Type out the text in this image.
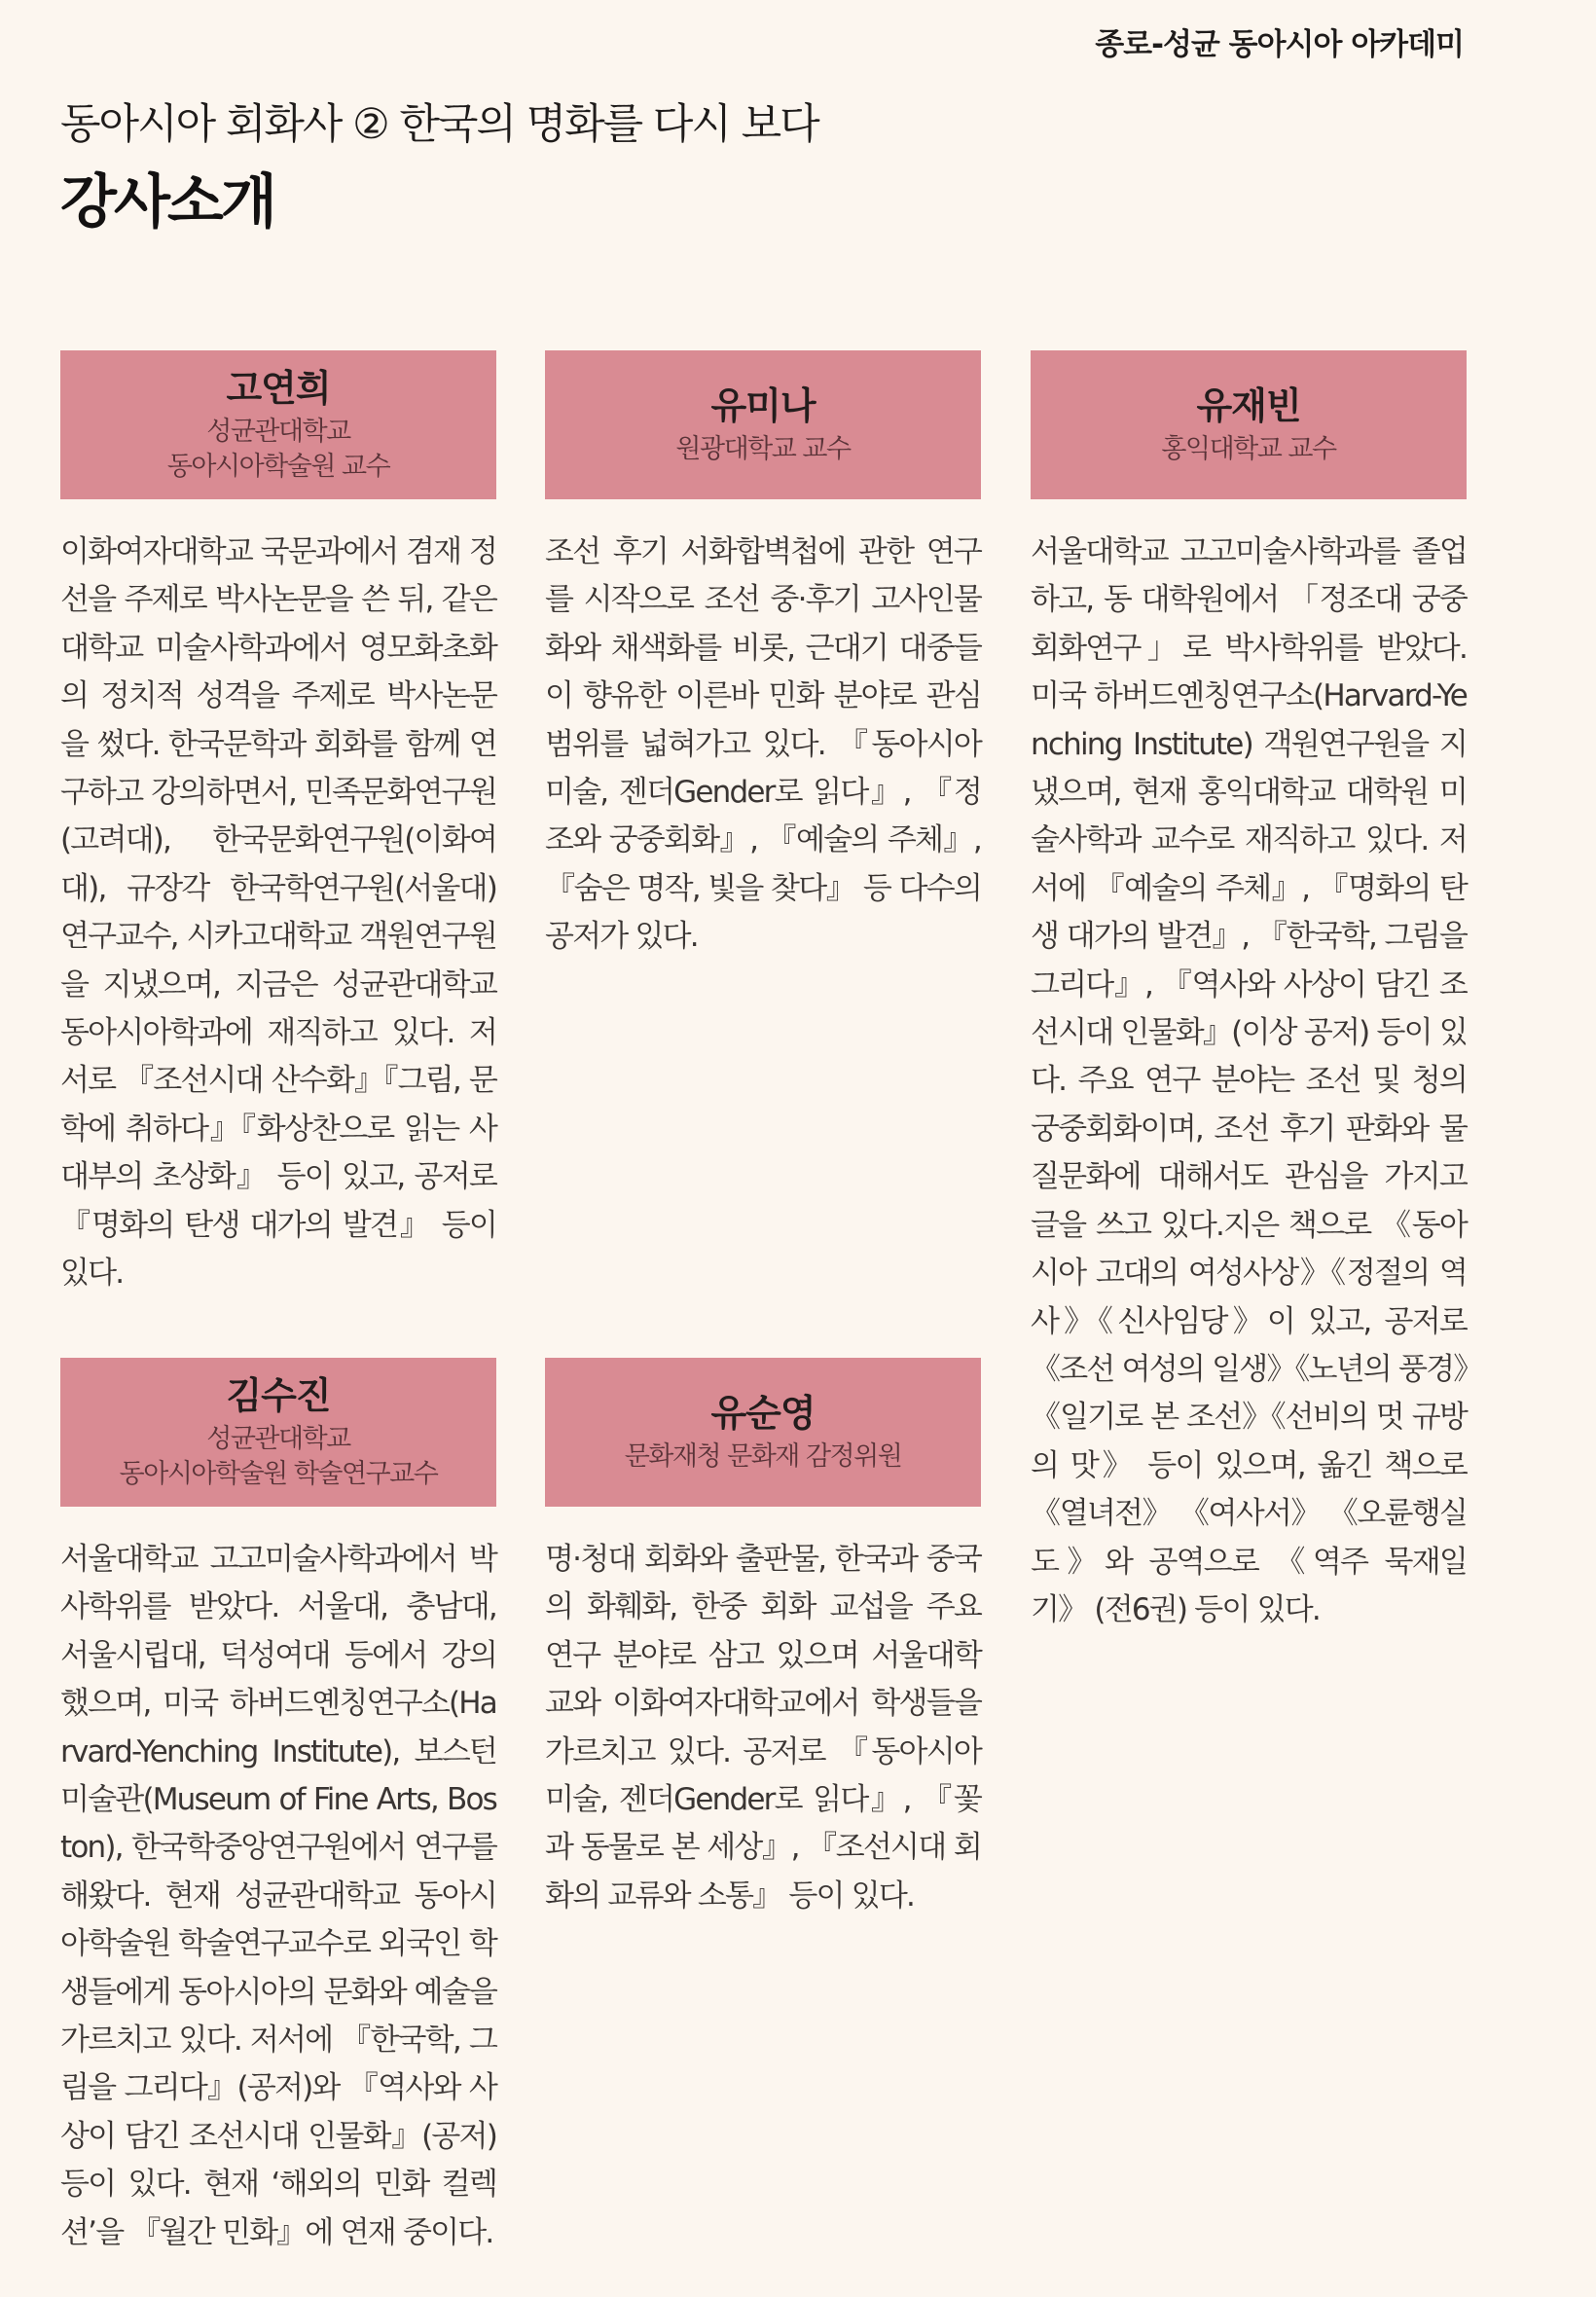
종로-성균 동아시아 아카데미
동아시아 회화사 ② 한국의 명화를 다시 보다
강사소개
고연희
성균관대학교
동아시아학술원 교수
이화여자대학교 국문과에서 겸재 정선을 주제로 박사논문을 쓴 뒤, 같은 대학교 미술사학과에서 영모화초화의 정치적 성격을 주제로 박사논문을 썼다. 한국문학과 회화를 함께 연구하고 강의하면서, 민족문화연구원(고려대), 한국문화연구원(이화여대), 규장각 한국학연구원(서울대) 연구교수, 시카고대학교 객원연구원을 지냈으며, 지금은 성균관대학교 동아시아학과에 재직하고 있다. 저서로 『조선시대 산수화』『그림, 문학에 취하다』『화상찬으로 읽는 사대부의 초상화』 등이 있고, 공저로 『명화의 탄생 대가의 발견』 등이 있다.
유미나
원광대학교 교수
조선 후기 서화합벽첩에 관한 연구를 시작으로 조선 중·후기 고사인물화와 채색화를 비롯, 근대기 대중들이 향유한 이른바 민화 분야로 관심 범위를 넓혀가고 있다. 『동아시아 미술, 젠더Gender로 읽다』, 『정조와 궁중회화』, 『예술의 주체』, 『숨은 명작, 빛을 찾다』 등 다수의 공저가 있다.
유재빈
홍익대학교 교수
서울대학교 고고미술사학과를 졸업하고, 동 대학원에서 「정조대 궁중회화연구」로 박사학위를 받았다. 미국 하버드옌칭연구소(Harvard-Yenching Institute) 객원연구원을 지냈으며, 현재 홍익대학교 대학원 미술사학과 교수로 재직하고 있다. 저서에 『예술의 주체』, 『명화의 탄생 대가의 발견』, 『한국학, 그림을 그리다』, 『역사와 사상이 담긴 조선시대 인물화』(이상 공저) 등이 있다. 주요 연구 분야는 조선 및 청의 궁중회화이며, 조선 후기 판화와 물질문화에 대해서도 관심을 가지고 글을 쓰고 있다.지은 책으로 《동아시아 고대의 여성사상》《정절의 역사》《신사임당》이 있고, 공저로 《조선 여성의 일생》《노년의 풍경》《일기로 본 조선》《선비의 멋 규방의 맛》 등이 있으며, 옮긴 책으로 《열녀전》 《여사서》 《오륜행실도》와 공역으로 《역주 묵재일기》 (전6권) 등이 있다.
김수진
성균관대학교
동아시아학술원 학술연구교수
서울대학교 고고미술사학과에서 박사학위를 받았다. 서울대, 충남대, 서울시립대, 덕성여대 등에서 강의했으며, 미국 하버드옌칭연구소(Harvard-Yenching Institute), 보스턴미술관(Museum of Fine Arts, Boston), 한국학중앙연구원에서 연구를 해왔다. 현재 성균관대학교 동아시아학술원 학술연구교수로 외국인 학생들에게 동아시아의 문화와 예술을 가르치고 있다. 저서에 『한국학, 그림을 그리다』(공저)와 『역사와 사상이 담긴 조선시대 인물화』(공저) 등이 있다. 현재 ‘해외의 민화 컬렉션’을 『월간 민화』에 연재 중이다.
유순영
문화재청 문화재 감정위원
명·청대 회화와 출판물, 한국과 중국의 화훼화, 한중 회화 교섭을 주요 연구 분야로 삼고 있으며 서울대학교와 이화여자대학교에서 학생들을 가르치고 있다. 공저로 『동아시아 미술, 젠더Gender로 읽다』, 『꽃과 동물로 본 세상』, 『조선시대 회화의 교류와 소통』 등이 있다.
